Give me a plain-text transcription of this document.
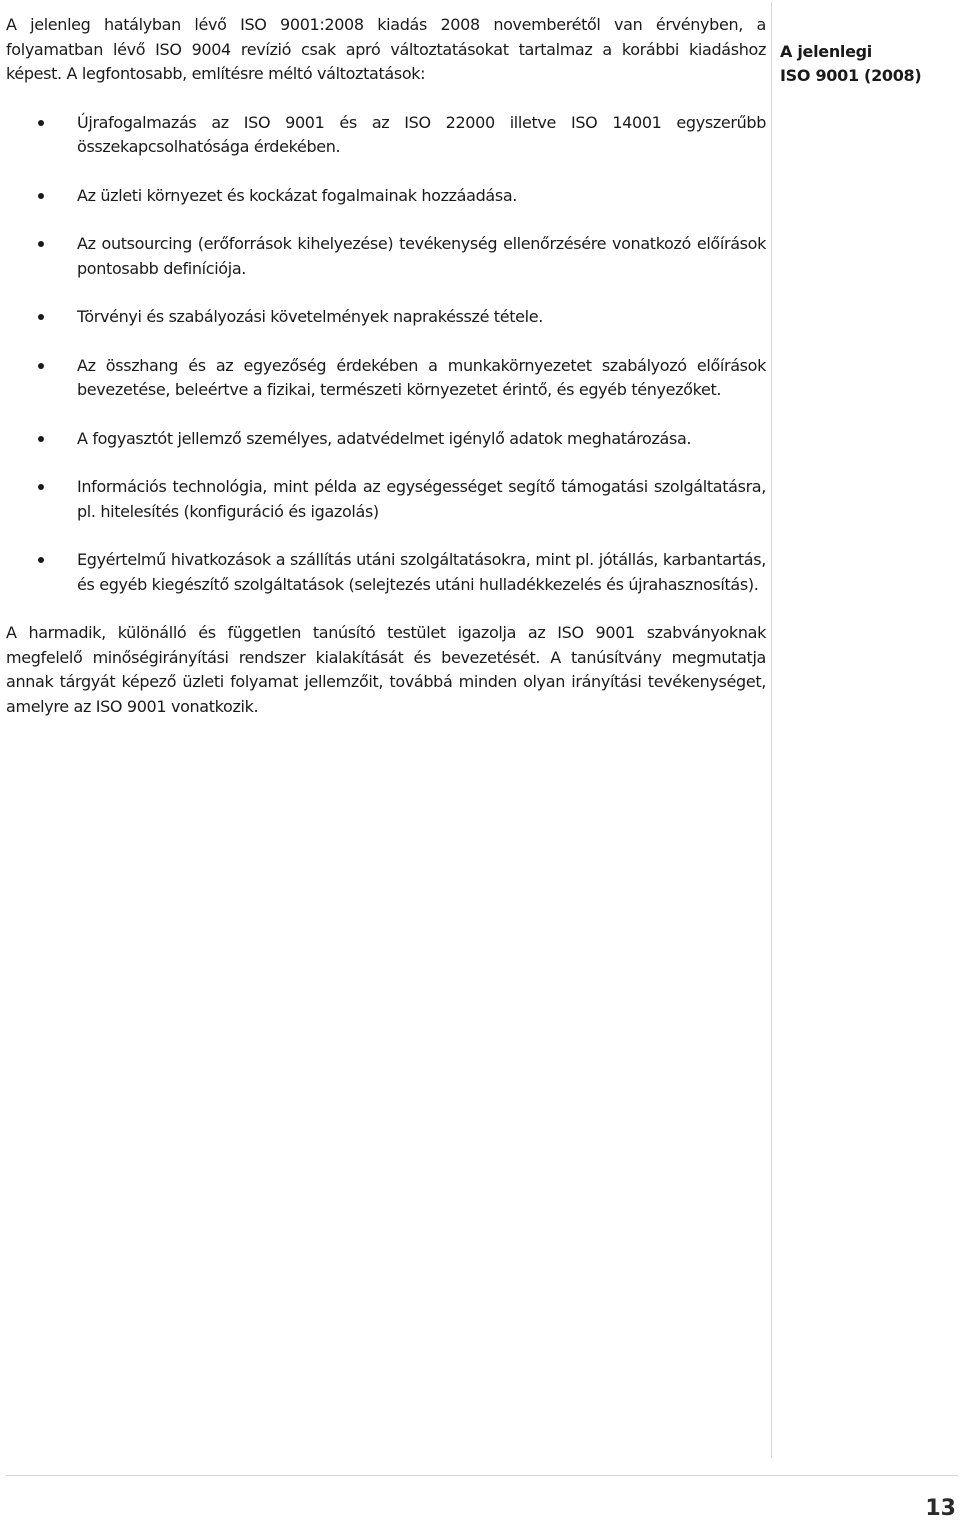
A jelenleg hatályban lévő ISO 9001:2008 kiadás 2008 novemberétől van érvényben, a folyamatban lévő ISO 9004 revízió csak apró változtatásokat tartalmaz a korábbi kiadáshoz képest. A legfontosabb, említésre méltó változtatások:

Újrafogalmazás az ISO 9001 és az ISO 22000 illetve ISO 14001 egyszerűbb összekapcsolhatósága érdekében.
Az üzleti környezet és kockázat fogalmainak hozzáadása.
Az outsourcing (erőforrások kihelyezése) tevékenység ellenőrzésére vonatkozó előírások pontosabb definíciója.
Törvényi és szabályozási követelmények naprakésszé tétele.
Az összhang és az egyezőség érdekében a munkakörnyezetet szabályozó előírások bevezetése, beleértve a fizikai, természeti környezetet érintő, és egyéb tényezőket.
A fogyasztót jellemző személyes, adatvédelmet igénylő adatok meghatározása.
Információs technológia, mint példa az egységességet segítő támogatási szolgáltatásra, pl. hitelesítés (konfiguráció és igazolás)
Egyértelmű hivatkozások a szállítás utáni szolgáltatásokra, mint pl. jótállás, karbantartás, és egyéb kiegészítő szolgáltatások (selejtezés utáni hulladékkezelés és újrahasznosítás).

A harmadik, különálló és független tanúsító testület igazolja az ISO 9001 szabványoknak megfelelő minőségirányítási rendszer kialakítását és bevezetését. A tanúsítvány megmutatja annak tárgyát képező üzleti folyamat jellemzőit, továbbá minden olyan irányítási tevékenységet, amelyre az ISO 9001 vonatkozik.

A jelenlegi
ISO 9001 (2008)
13
